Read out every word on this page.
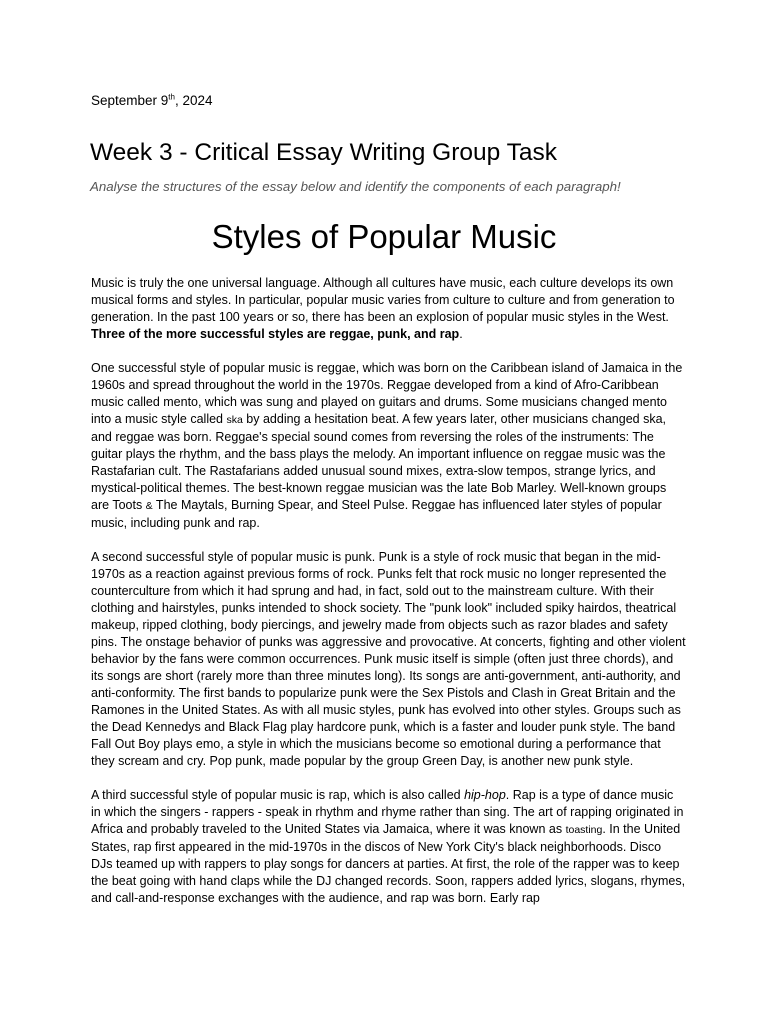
September 9th, 2024
Week 3 - Critical Essay Writing Group Task

Analyse the structures of the essay below and identify the components of each paragraph!

Styles of Popular Music

Music is truly the one universal language. Although all cultures have music, each culture develops its own musical forms and styles. In particular, popular music varies from culture to culture and from generation to generation. In the past 100 years or so, there has been an explosion of popular music styles in the West. Three of the more successful styles are reggae, punk, and rap.

One successful style of popular music is reggae, which was born on the Caribbean island of Jamaica in the 1960s and spread throughout the world in the 1970s. Reggae developed from a kind of Afro-Caribbean music called mento, which was sung and played on guitars and drums. Some musicians changed mento into a music style called ska by adding a hesitation beat. A few years later, other musicians changed ska, and reggae was born. Reggae's special sound comes from reversing the roles of the instruments: The guitar plays the rhythm, and the bass plays the melody. An important influence on reggae music was the Rastafarian cult. The Rastafarians added unusual sound mixes, extra-slow tempos, strange lyrics, and mystical-political themes. The best-known reggae musician was the late Bob Marley. Well-known groups are Toots & The Maytals, Burning Spear, and Steel Pulse. Reggae has influenced later styles of popular music, including punk and rap.

A second successful style of popular music is punk. Punk is a style of rock music that began in the mid-1970s as a reaction against previous forms of rock. Punks felt that rock music no longer represented the counterculture from which it had sprung and had, in fact, sold out to the mainstream culture. With their clothing and hairstyles, punks intended to shock society. The "punk look" included spiky hairdos, theatrical makeup, ripped clothing, body piercings, and jewelry made from objects such as razor blades and safety pins. The onstage behavior of punks was aggressive and provocative. At concerts, fighting and other violent behavior by the fans were common occurrences. Punk music itself is simple (often just three chords), and its songs are short (rarely more than three minutes long). Its songs are anti-government, anti-authority, and anti-conformity. The first bands to popularize punk were the Sex Pistols and Clash in Great Britain and the Ramones in the United States. As with all music styles, punk has evolved into other styles. Groups such as the Dead Kennedys and Black Flag play hardcore punk, which is a faster and louder punk style. The band Fall Out Boy plays emo, a style in which the musicians become so emotional during a performance that they scream and cry. Pop punk, made popular by the group Green Day, is another new punk style.

A third successful style of popular music is rap, which is also called hip-hop. Rap is a type of dance music in which the singers - rappers - speak in rhythm and rhyme rather than sing. The art of rapping originated in Africa and probably traveled to the United States via Jamaica, where it was known as toasting. In the United States, rap first appeared in the mid-1970s in the discos of New York City's black neighborhoods. Disco DJs teamed up with rappers to play songs for dancers at parties. At first, the role of the rapper was to keep the beat going with hand claps while the DJ changed records. Soon, rappers added lyrics, slogans, rhymes, and call-and-response exchanges with the audience, and rap was born. Early rap
